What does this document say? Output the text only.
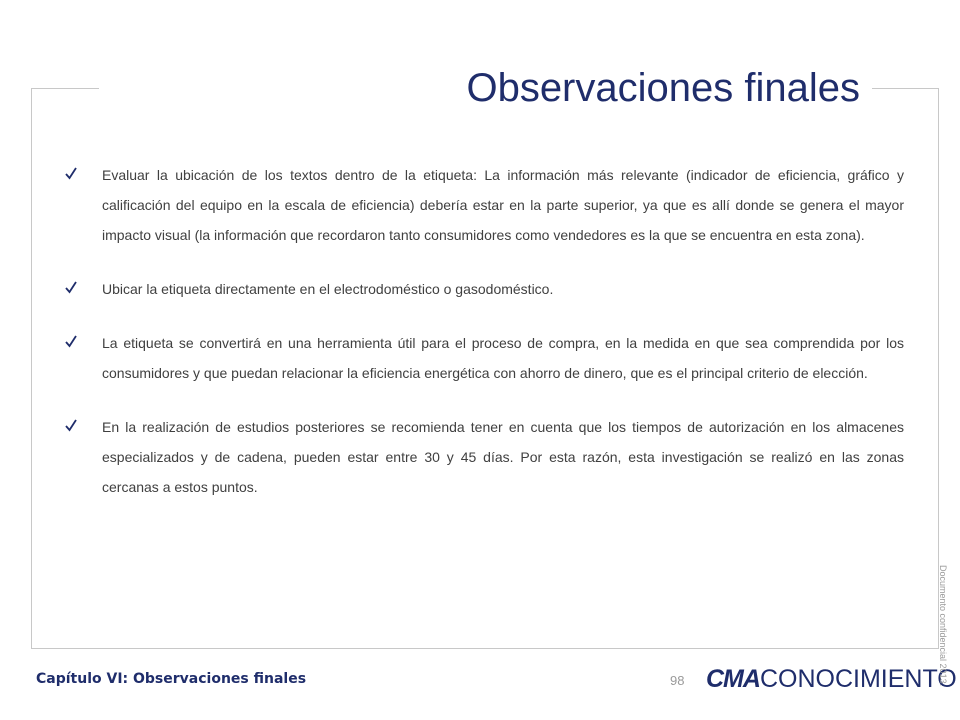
Observaciones finales

Evaluar la ubicación de los textos dentro de la etiqueta: La información más relevante (indicador de eficiencia, gráfico y calificación del equipo en la escala de eficiencia) debería estar en la parte superior, ya que es allí donde se genera el mayor impacto visual (la información que recordaron tanto consumidores como vendedores es la que se encuentra en esta zona).

Ubicar la etiqueta directamente en el electrodoméstico o gasodoméstico.

La etiqueta se convertirá en una herramienta útil para el proceso de compra, en la medida en que sea comprendida por los consumidores y que puedan relacionar la eficiencia energética con ahorro de dinero, que es el principal criterio de elección.

En la realización de estudios posteriores se recomienda tener en cuenta que los tiempos de autorización en los almacenes especializados y de cadena, pueden estar entre 30 y 45 días. Por esta razón, esta investigación se realizó en las zonas cercanas a estos puntos.

Capítulo VI: Observaciones finales	98 CMACONOCIMIENTO
Documento confidencial 2013.
